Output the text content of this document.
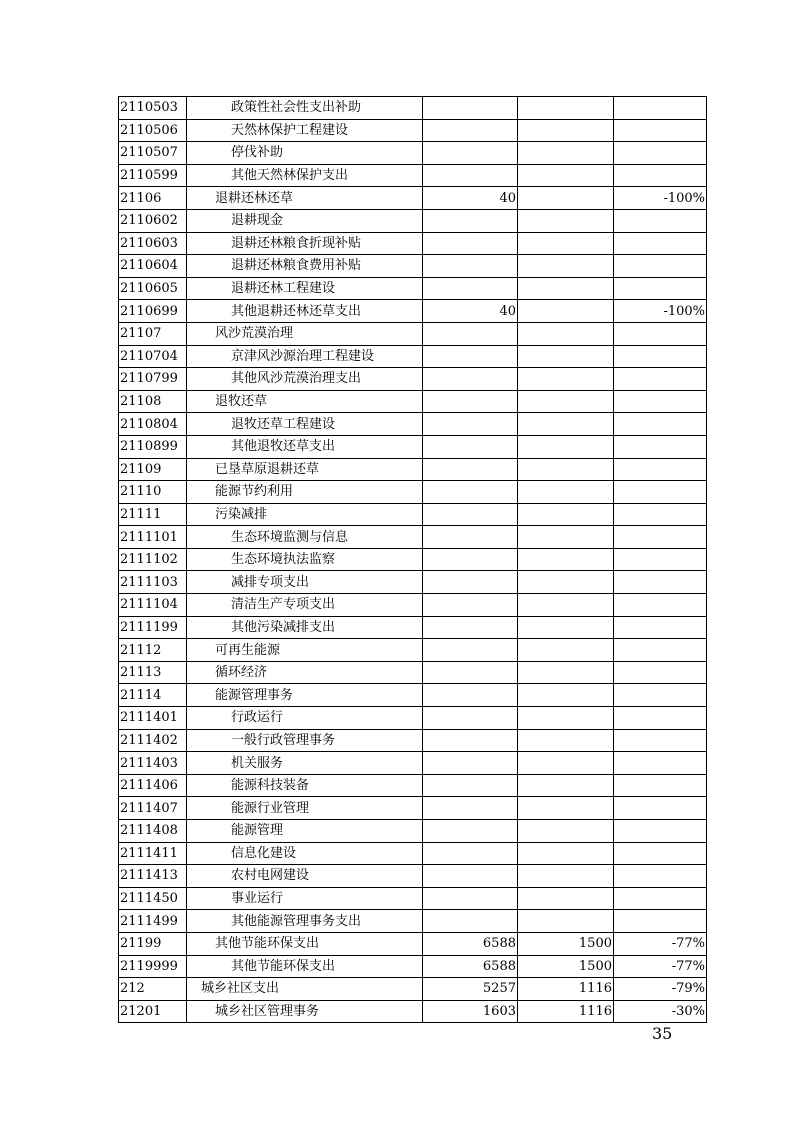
2110503	政策性社会性支出补助			
2110506	天然林保护工程建设			
2110507	停伐补助			
2110599	其他天然林保护支出			
21106	退耕还林还草	40		-100%
2110602	退耕现金			
2110603	退耕还林粮食折现补贴			
2110604	退耕还林粮食费用补贴			
2110605	退耕还林工程建设			
2110699	其他退耕还林还草支出	40		-100%
21107	风沙荒漠治理			
2110704	京津风沙源治理工程建设			
2110799	其他风沙荒漠治理支出			
21108	退牧还草			
2110804	退牧还草工程建设			
2110899	其他退牧还草支出			
21109	已垦草原退耕还草			
21110	能源节约利用			
21111	污染减排			
2111101	生态环境监测与信息			
2111102	生态环境执法监察			
2111103	减排专项支出			
2111104	清洁生产专项支出			
2111199	其他污染减排支出			
21112	可再生能源			
21113	循环经济			
21114	能源管理事务			
2111401	行政运行			
2111402	一般行政管理事务			
2111403	机关服务			
2111406	能源科技装备			
2111407	能源行业管理			
2111408	能源管理			
2111411	信息化建设			
2111413	农村电网建设			
2111450	事业运行			
2111499	其他能源管理事务支出			
21199	其他节能环保支出	6588	1500	-77%
2119999	其他节能环保支出	6588	1500	-77%
212	城乡社区支出	5257	1116	-79%
21201	城乡社区管理事务	1603	1116	-30%
35
